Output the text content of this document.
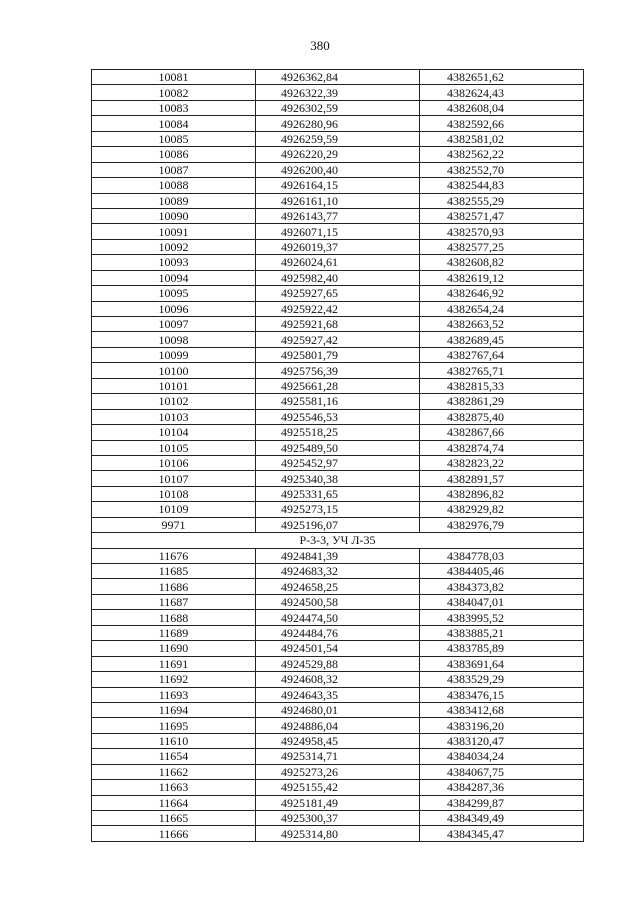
380
10081	4926362,84	4382651,62
10082	4926322,39	4382624,43
10083	4926302,59	4382608,04
10084	4926280,96	4382592,66
10085	4926259,59	4382581,02
10086	4926220,29	4382562,22
10087	4926200,40	4382552,70
10088	4926164,15	4382544,83
10089	4926161,10	4382555,29
10090	4926143,77	4382571,47
10091	4926071,15	4382570,93
10092	4926019,37	4382577,25
10093	4926024,61	4382608,82
10094	4925982,40	4382619,12
10095	4925927,65	4382646,92
10096	4925922,42	4382654,24
10097	4925921,68	4382663,52
10098	4925927,42	4382689,45
10099	4925801,79	4382767,64
10100	4925756,39	4382765,71
10101	4925661,28	4382815,33
10102	4925581,16	4382861,29
10103	4925546,53	4382875,40
10104	4925518,25	4382867,66
10105	4925489,50	4382874,74
10106	4925452,97	4382823,22
10107	4925340,38	4382891,57
10108	4925331,65	4382896,82
10109	4925273,15	4382929,82
9971	4925196,07	4382976,79
Р-3-3, УЧ Л-35		
11676	4924841,39	4384778,03
11685	4924683,32	4384405,46
11686	4924658,25	4384373,82
11687	4924500,58	4384047,01
11688	4924474,50	4383995,52
11689	4924484,76	4383885,21
11690	4924501,54	4383785,89
11691	4924529,88	4383691,64
11692	4924608,32	4383529,29
11693	4924643,35	4383476,15
11694	4924680,01	4383412,68
11695	4924886,04	4383196,20
11610	4924958,45	4383120,47
11654	4925314,71	4384034,24
11662	4925273,26	4384067,75
11663	4925155,42	4384287,36
11664	4925181,49	4384299,87
11665	4925300,37	4384349,49
11666	4925314,80	4384345,47
